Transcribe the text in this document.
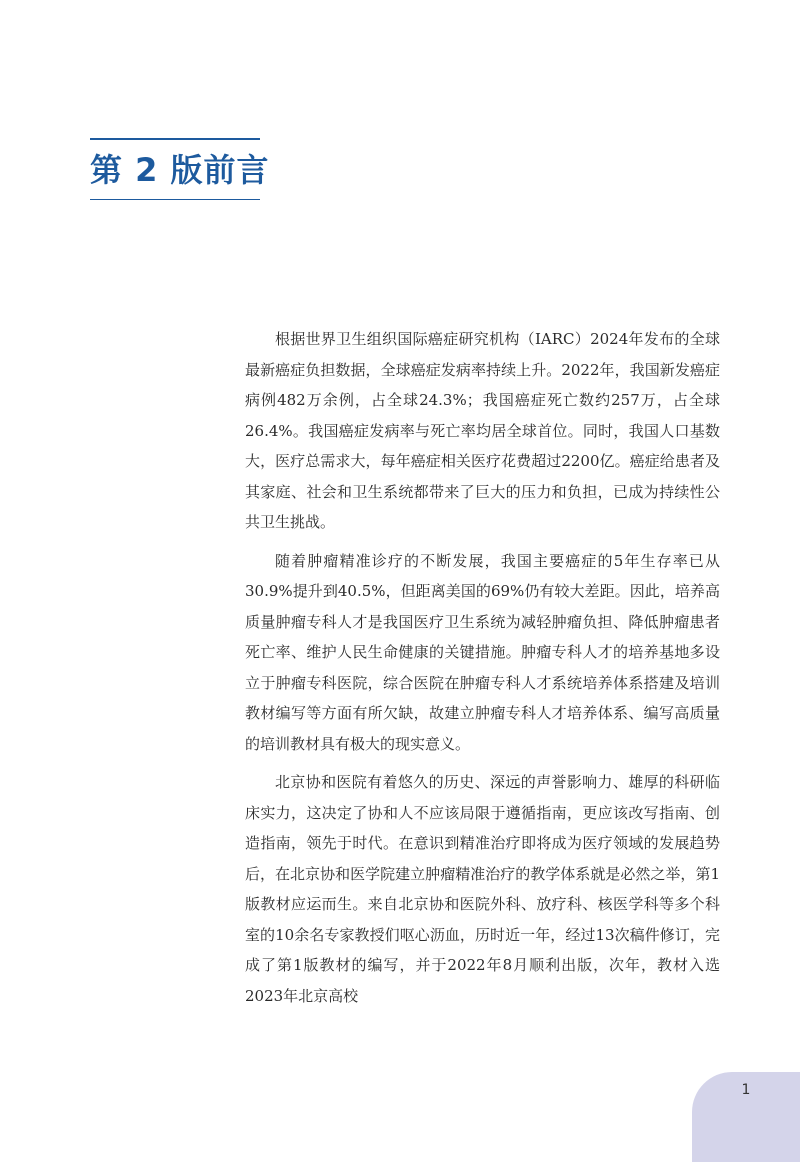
第 2 版前言

根据世界卫生组织国际癌症研究机构（IARC）2024年发布的全球最新癌症负担数据，全球癌症发病率持续上升。2022年，我国新发癌症病例482万余例，占全球24.3%；我国癌症死亡数约257万，占全球26.4%。我国癌症发病率与死亡率均居全球首位。同时，我国人口基数大，医疗总需求大，每年癌症相关医疗花费超过2200亿。癌症给患者及其家庭、社会和卫生系统都带来了巨大的压力和负担，已成为持续性公共卫生挑战。

随着肿瘤精准诊疗的不断发展，我国主要癌症的5年生存率已从30.9%提升到40.5%，但距离美国的69%仍有较大差距。因此，培养高质量肿瘤专科人才是我国医疗卫生系统为减轻肿瘤负担、降低肿瘤患者死亡率、维护人民生命健康的关键措施。肿瘤专科人才的培养基地多设立于肿瘤专科医院，综合医院在肿瘤专科人才系统培养体系搭建及培训教材编写等方面有所欠缺，故建立肿瘤专科人才培养体系、编写高质量的培训教材具有极大的现实意义。

北京协和医院有着悠久的历史、深远的声誉影响力、雄厚的科研临床实力，这决定了协和人不应该局限于遵循指南，更应该改写指南、创造指南，领先于时代。在意识到精准治疗即将成为医疗领域的发展趋势后，在北京协和医学院建立肿瘤精准治疗的教学体系就是必然之举，第1版教材应运而生。来自北京协和医院外科、放疗科、核医学科等多个科室的10余名专家教授们呕心沥血，历时近一年，经过13次稿件修订，完成了第1版教材的编写，并于2022年8月顺利出版，次年，教材入选2023年北京高校

1
